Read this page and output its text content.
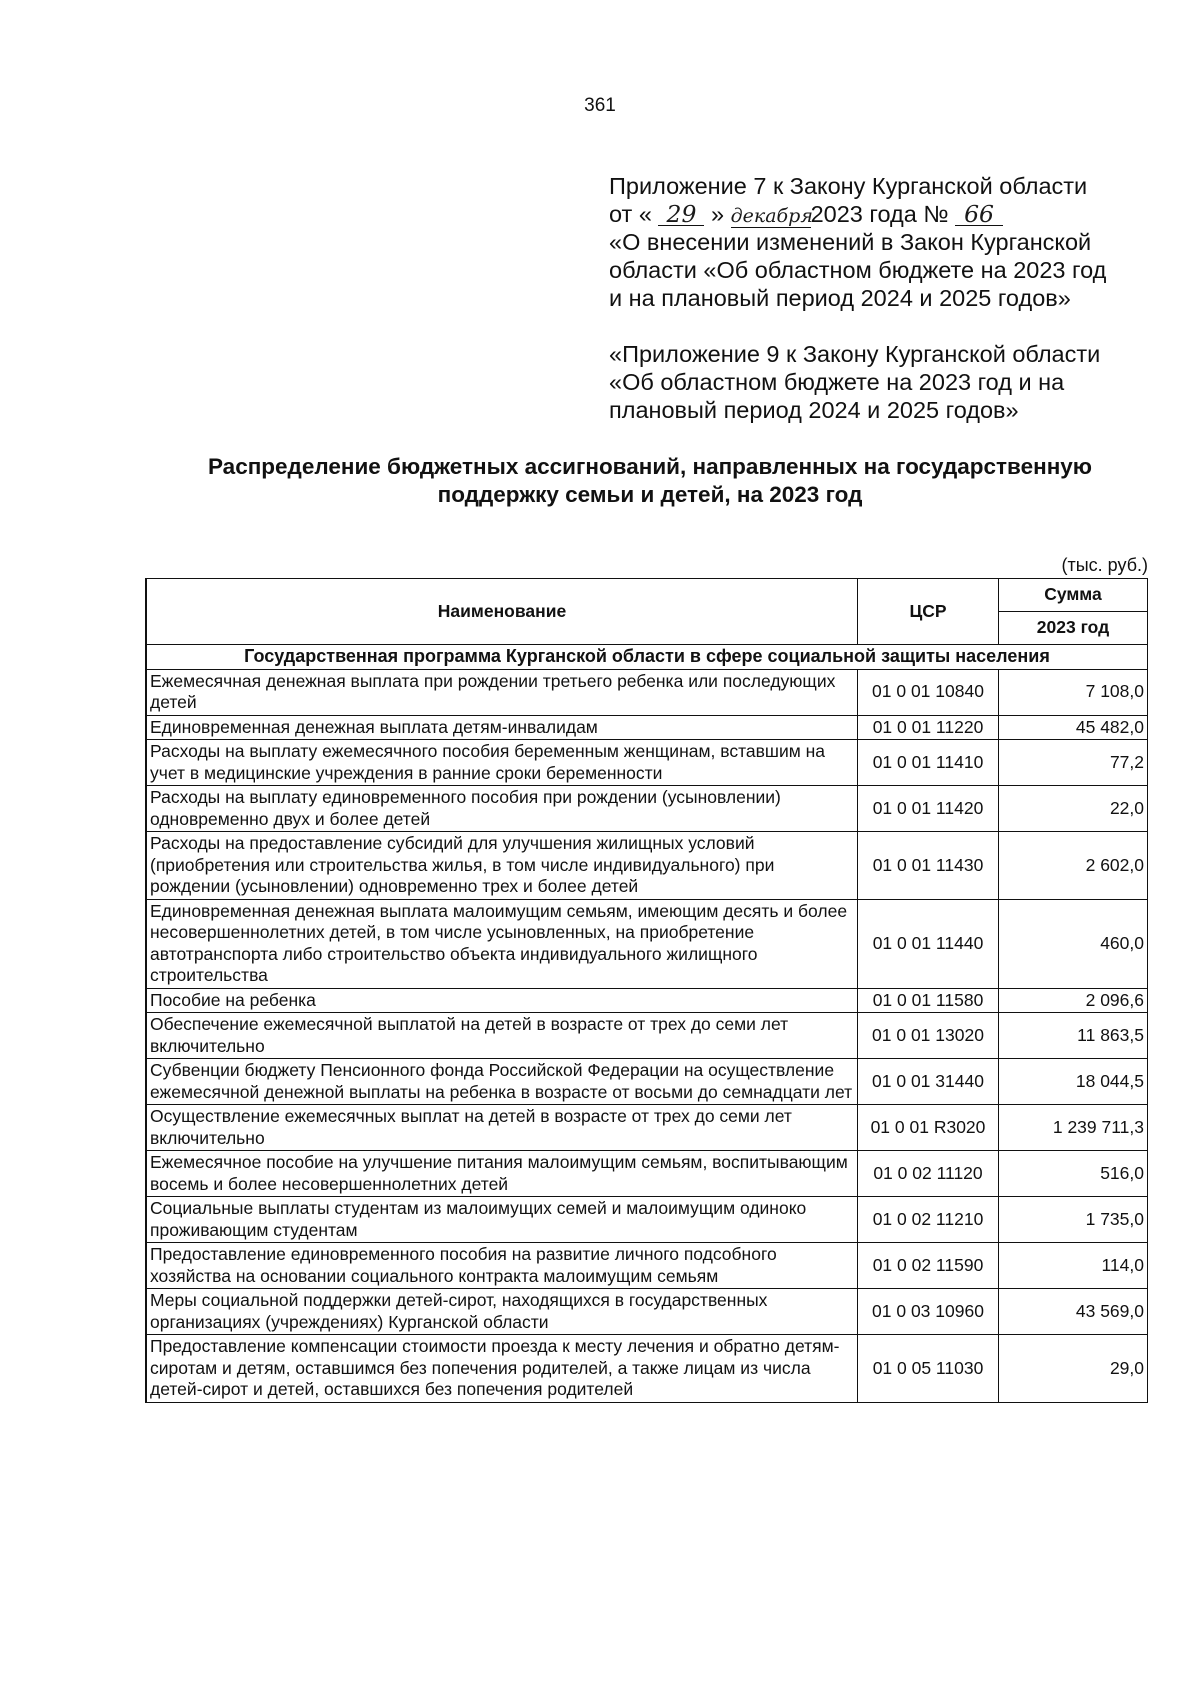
361
Приложение 7 к Закону Курганской области
от « 29 » декабря2023 года № 66
«О внесении изменений в Закон Курганской
области «Об областном бюджете на 2023 год
и на плановый период 2024 и 2025 годов»
«Приложение 9 к Закону Курганской области
«Об областном бюджете на 2023 год и на
плановый период 2024 и 2025 годов»
Распределение бюджетных ассигнований, направленных на государственную
поддержку семьи и детей, на 2023 год
(тыс. руб.)
Наименование	ЦСР	Сумма
		2023 год
Государственная программа Курганской области в сфере социальной защиты населения		
Ежемесячная денежная выплата при рождении третьего ребенка или последующих детей	01 0 01 10840	7 108,0
Единовременная денежная выплата детям-инвалидам	01 0 01 11220	45 482,0
Расходы на выплату ежемесячного пособия беременным женщинам, вставшим на учет в медицинские учреждения в ранние сроки беременности	01 0 01 11410	77,2
Расходы на выплату единовременного пособия при рождении (усыновлении) одновременно двух и более детей	01 0 01 11420	22,0
Расходы на предоставление субсидий для улучшения жилищных условий (приобретения или строительства жилья, в том числе индивидуального) при рождении (усыновлении) одновременно трех и более детей	01 0 01 11430	2 602,0
Единовременная денежная выплата малоимущим семьям, имеющим десять и более несовершеннолетних детей, в том числе усыновленных, на приобретение автотранспорта либо строительство объекта индивидуального жилищного строительства	01 0 01 11440	460,0
Пособие на ребенка	01 0 01 11580	2 096,6
Обеспечение ежемесячной выплатой на детей в возрасте от трех до семи лет включительно	01 0 01 13020	11 863,5
Субвенции бюджету Пенсионного фонда Российской Федерации на осуществление ежемесячной денежной выплаты на ребенка в возрасте от восьми до семнадцати лет	01 0 01 31440	18 044,5
Осуществление ежемесячных выплат на детей в возрасте от трех до семи лет включительно	01 0 01 R3020	1 239 711,3
Ежемесячное пособие на улучшение питания малоимущим семьям, воспитывающим восемь и более несовершеннолетних детей	01 0 02 11120	516,0
Социальные выплаты студентам из малоимущих семей и малоимущим одиноко проживающим студентам	01 0 02 11210	1 735,0
Предоставление единовременного пособия на развитие личного подсобного хозяйства на основании социального контракта малоимущим семьям	01 0 02 11590	114,0
Меры социальной поддержки детей-сирот, находящихся в государственных организациях (учреждениях) Курганской области	01 0 03 10960	43 569,0
Предоставление компенсации стоимости проезда к месту лечения и обратно детям-сиротам и детям, оставшимся без попечения родителей, а также лицам из числа детей-сирот и детей, оставшихся без попечения родителей	01 0 05 11030	29,0
